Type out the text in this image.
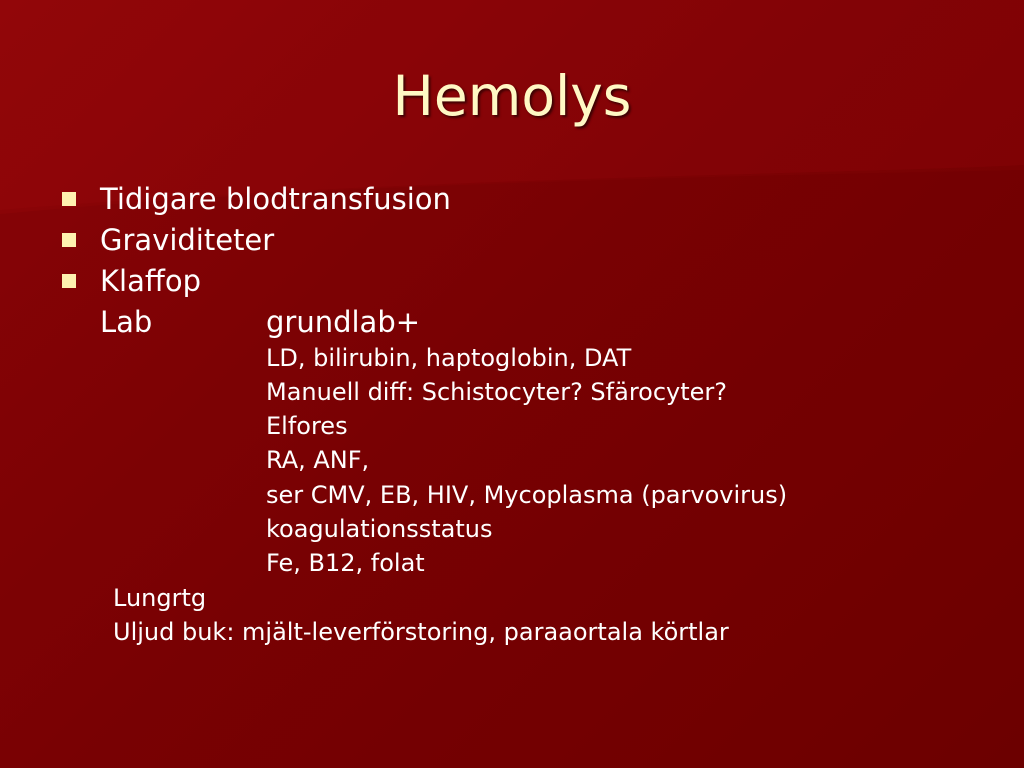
Hemolys
Tidigare blodtransfusion
Graviditeter
Klaffop
Lab	grundlab+
LD, bilirubin, haptoglobin, DAT
Manuell diff: Schistocyter? Sfärocyter?
Elfores
RA, ANF,
ser CMV, EB, HIV, Mycoplasma (parvovirus)
koagulationsstatus
Fe, B12, folat
Lungrtg
Uljud buk: mjält-leverförstoring, paraaortala körtlar
